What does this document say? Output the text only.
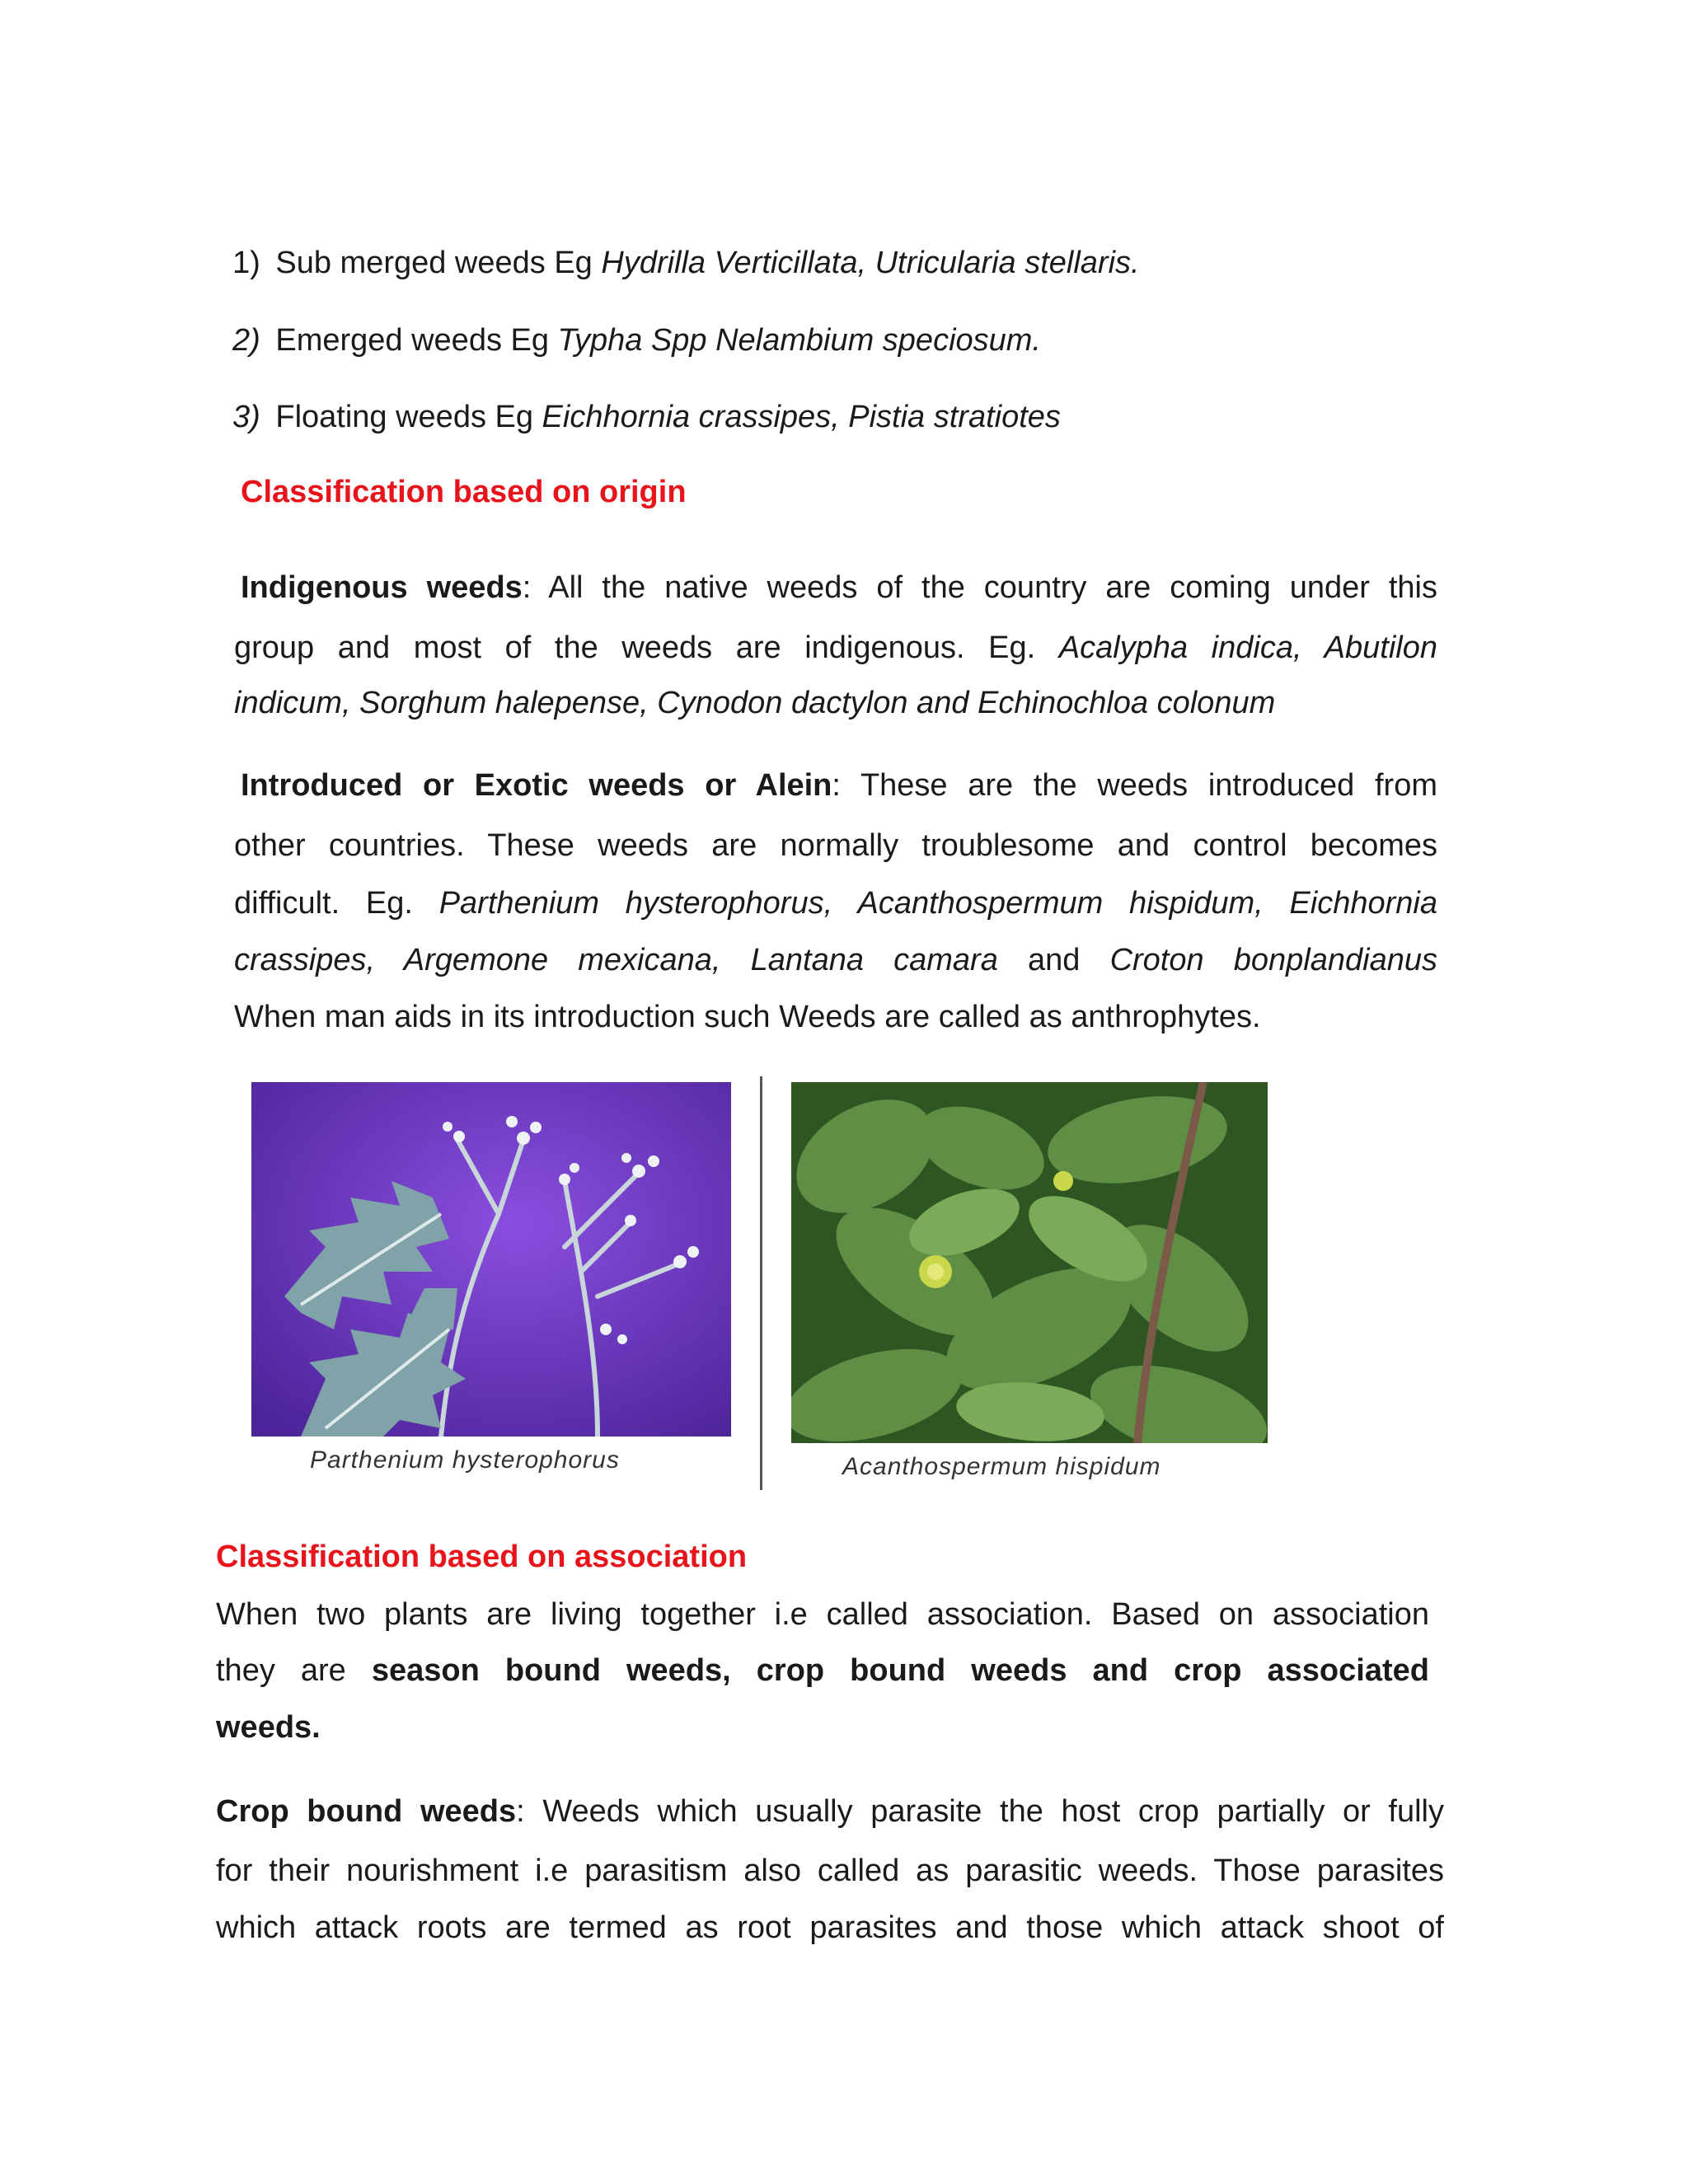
1) Sub merged weeds Eg Hydrilla Verticillata, Utricularia stellaris.
2) Emerged weeds Eg Typha Spp Nelambium speciosum.
3) Floating weeds Eg Eichhornia crassipes, Pistia stratiotes
Classification based on origin
Indigenous weeds: All the native weeds of the country are coming under this
group and most of the weeds are indigenous. Eg. Acalypha indica, Abutilon
indicum, Sorghum halepense, Cynodon dactylon and Echinochloa colonum
Introduced or Exotic weeds or Alein: These are the weeds introduced from
other countries. These weeds are normally troublesome and control becomes
difficult. Eg. Parthenium hysterophorus, Acanthospermum hispidum, Eichhornia
crassipes, Argemone mexicana, Lantana camara and Croton bonplandianus
When man aids in its introduction such Weeds are called as anthrophytes.
Parthenium hysterophorus	Acanthospermum hispidum
Classification based on association
When two plants are living together i.e called association. Based on association
they are season bound weeds, crop bound weeds and crop associated
weeds.
Crop bound weeds: Weeds which usually parasite the host crop partially or fully
for their nourishment i.e parasitism also called as parasitic weeds. Those parasites
which attack roots are termed as root parasites and those which attack shoot of
